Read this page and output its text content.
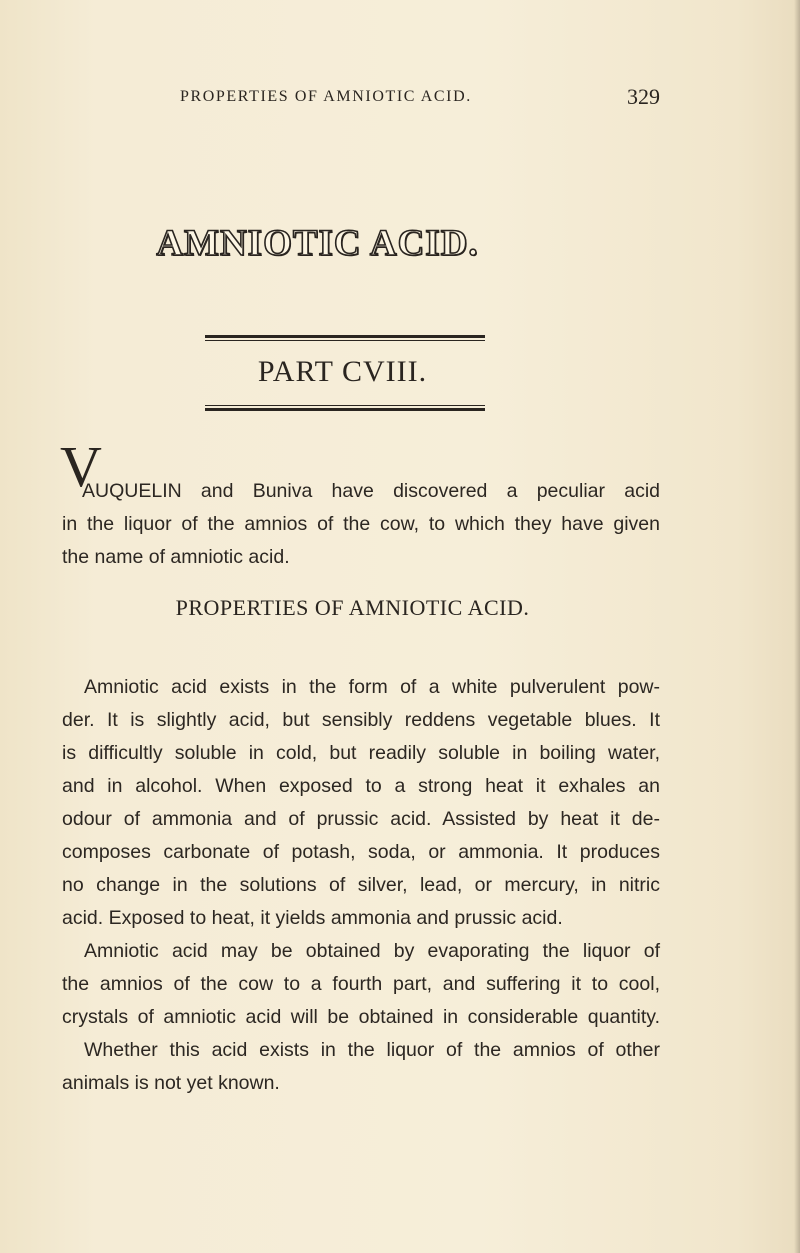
PROPERTIES OF AMNIOTIC ACID.	329
AMNIOTIC ACID.
PART CVIII.
V
AUQUELIN and Buniva have discovered a peculiar acid
in the liquor of the amnios of the cow, to which they have given
the name of amniotic acid.
PROPERTIES OF AMNIOTIC ACID.
Amniotic acid exists in the form of a white pulverulent pow-
der. It is slightly acid, but sensibly reddens vegetable blues. It
is difficultly soluble in cold, but readily soluble in boiling water,
and in alcohol. When exposed to a strong heat it exhales an
odour of ammonia and of prussic acid. Assisted by heat it de-
composes carbonate of potash, soda, or ammonia. It produces
no change in the solutions of silver, lead, or mercury, in nitric
acid. Exposed to heat, it yields ammonia and prussic acid.
Amniotic acid may be obtained by evaporating the liquor of
the amnios of the cow to a fourth part, and suffering it to cool,
crystals of amniotic acid will be obtained in considerable quantity.
Whether this acid exists in the liquor of the amnios of other
animals is not yet known.
